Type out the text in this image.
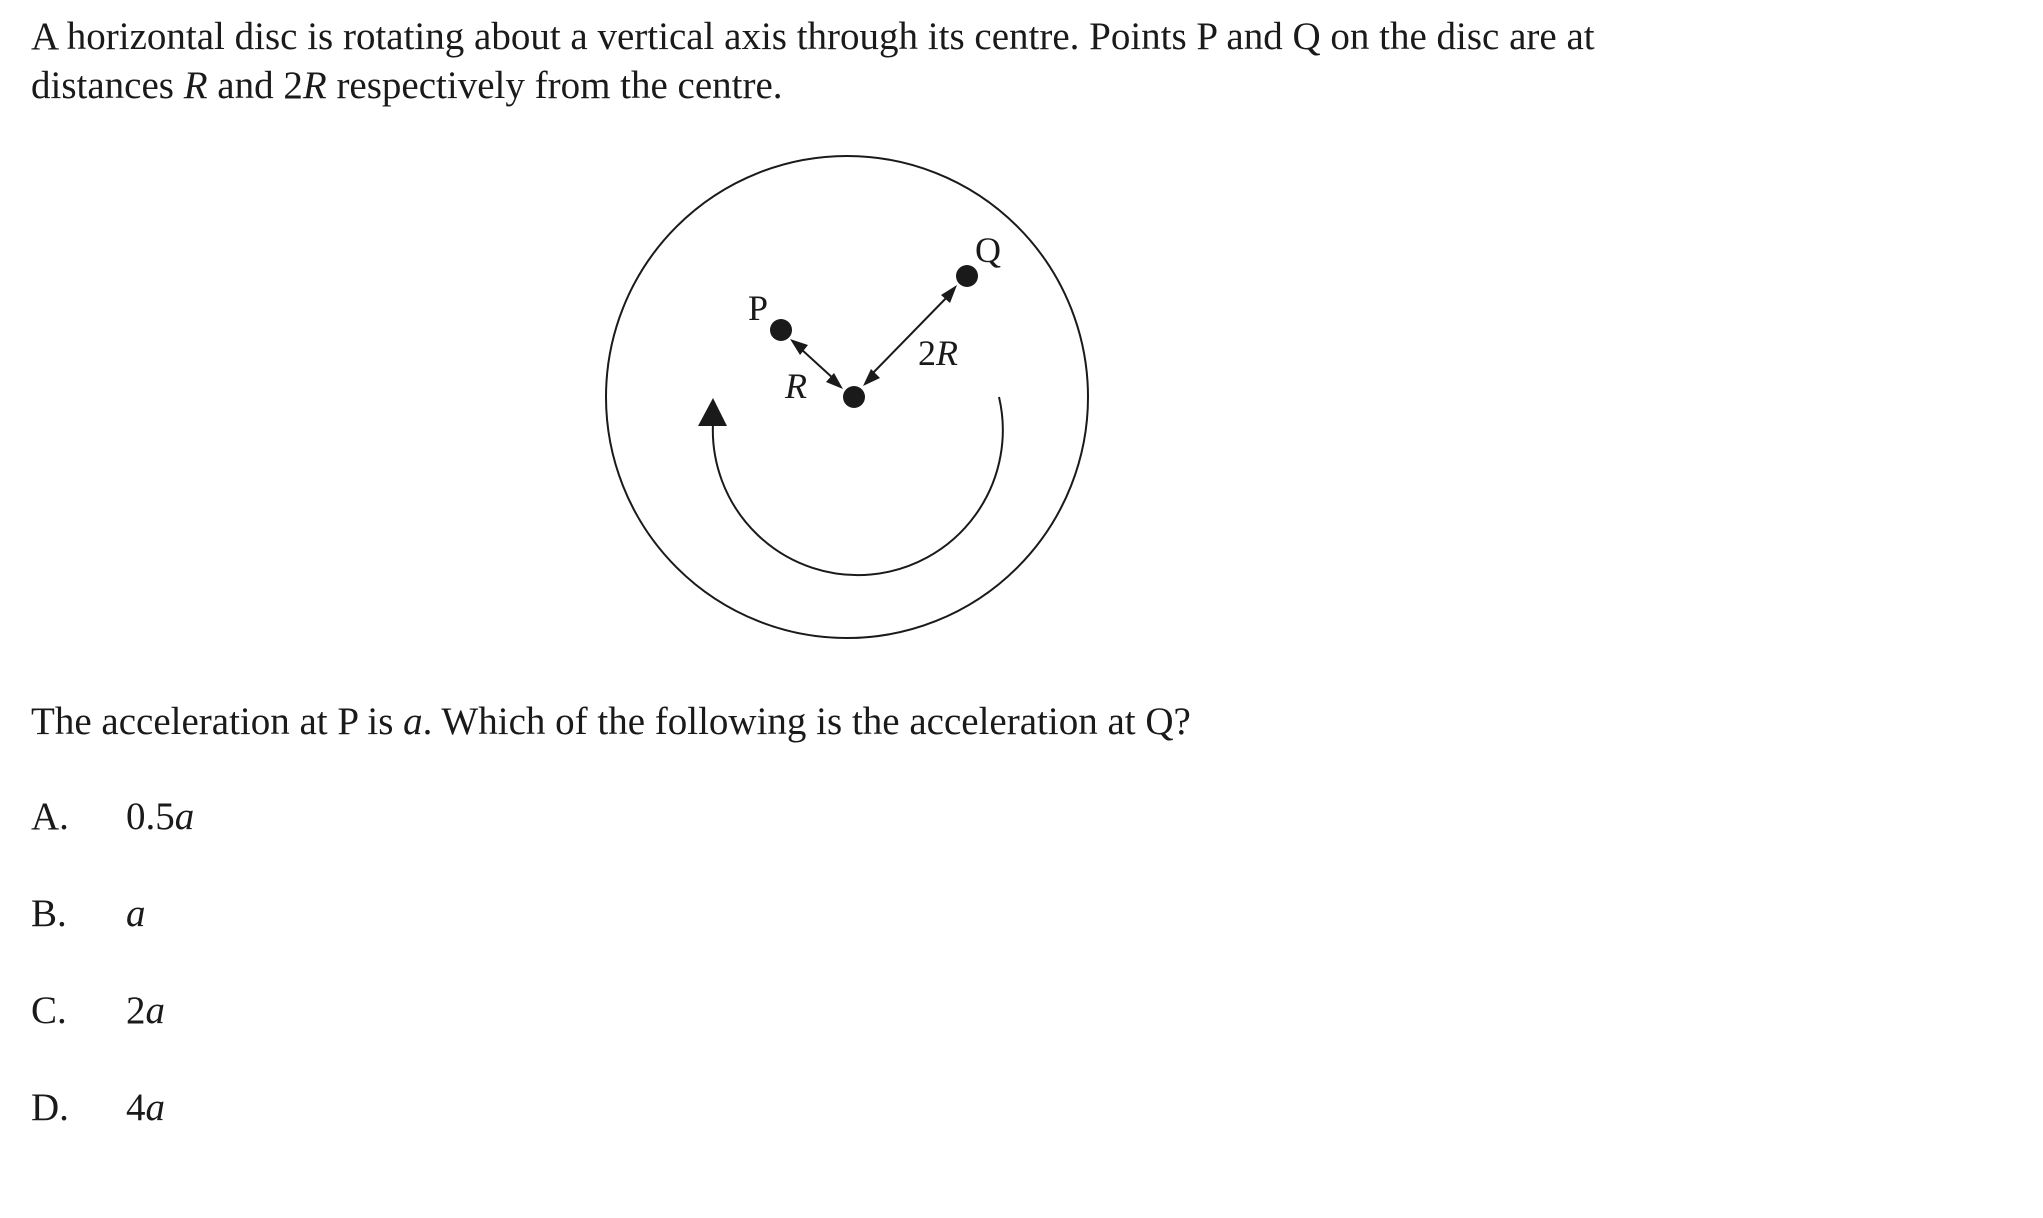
A horizontal disc is rotating about a vertical axis through its centre. Points P and Q on the disc are at
distances R and 2R respectively from the centre.

P
Q
R
2R

The acceleration at P is a. Which of the following is the acceleration at Q?

A.	0.5a
B.	a
C.	2a
D.	4a
